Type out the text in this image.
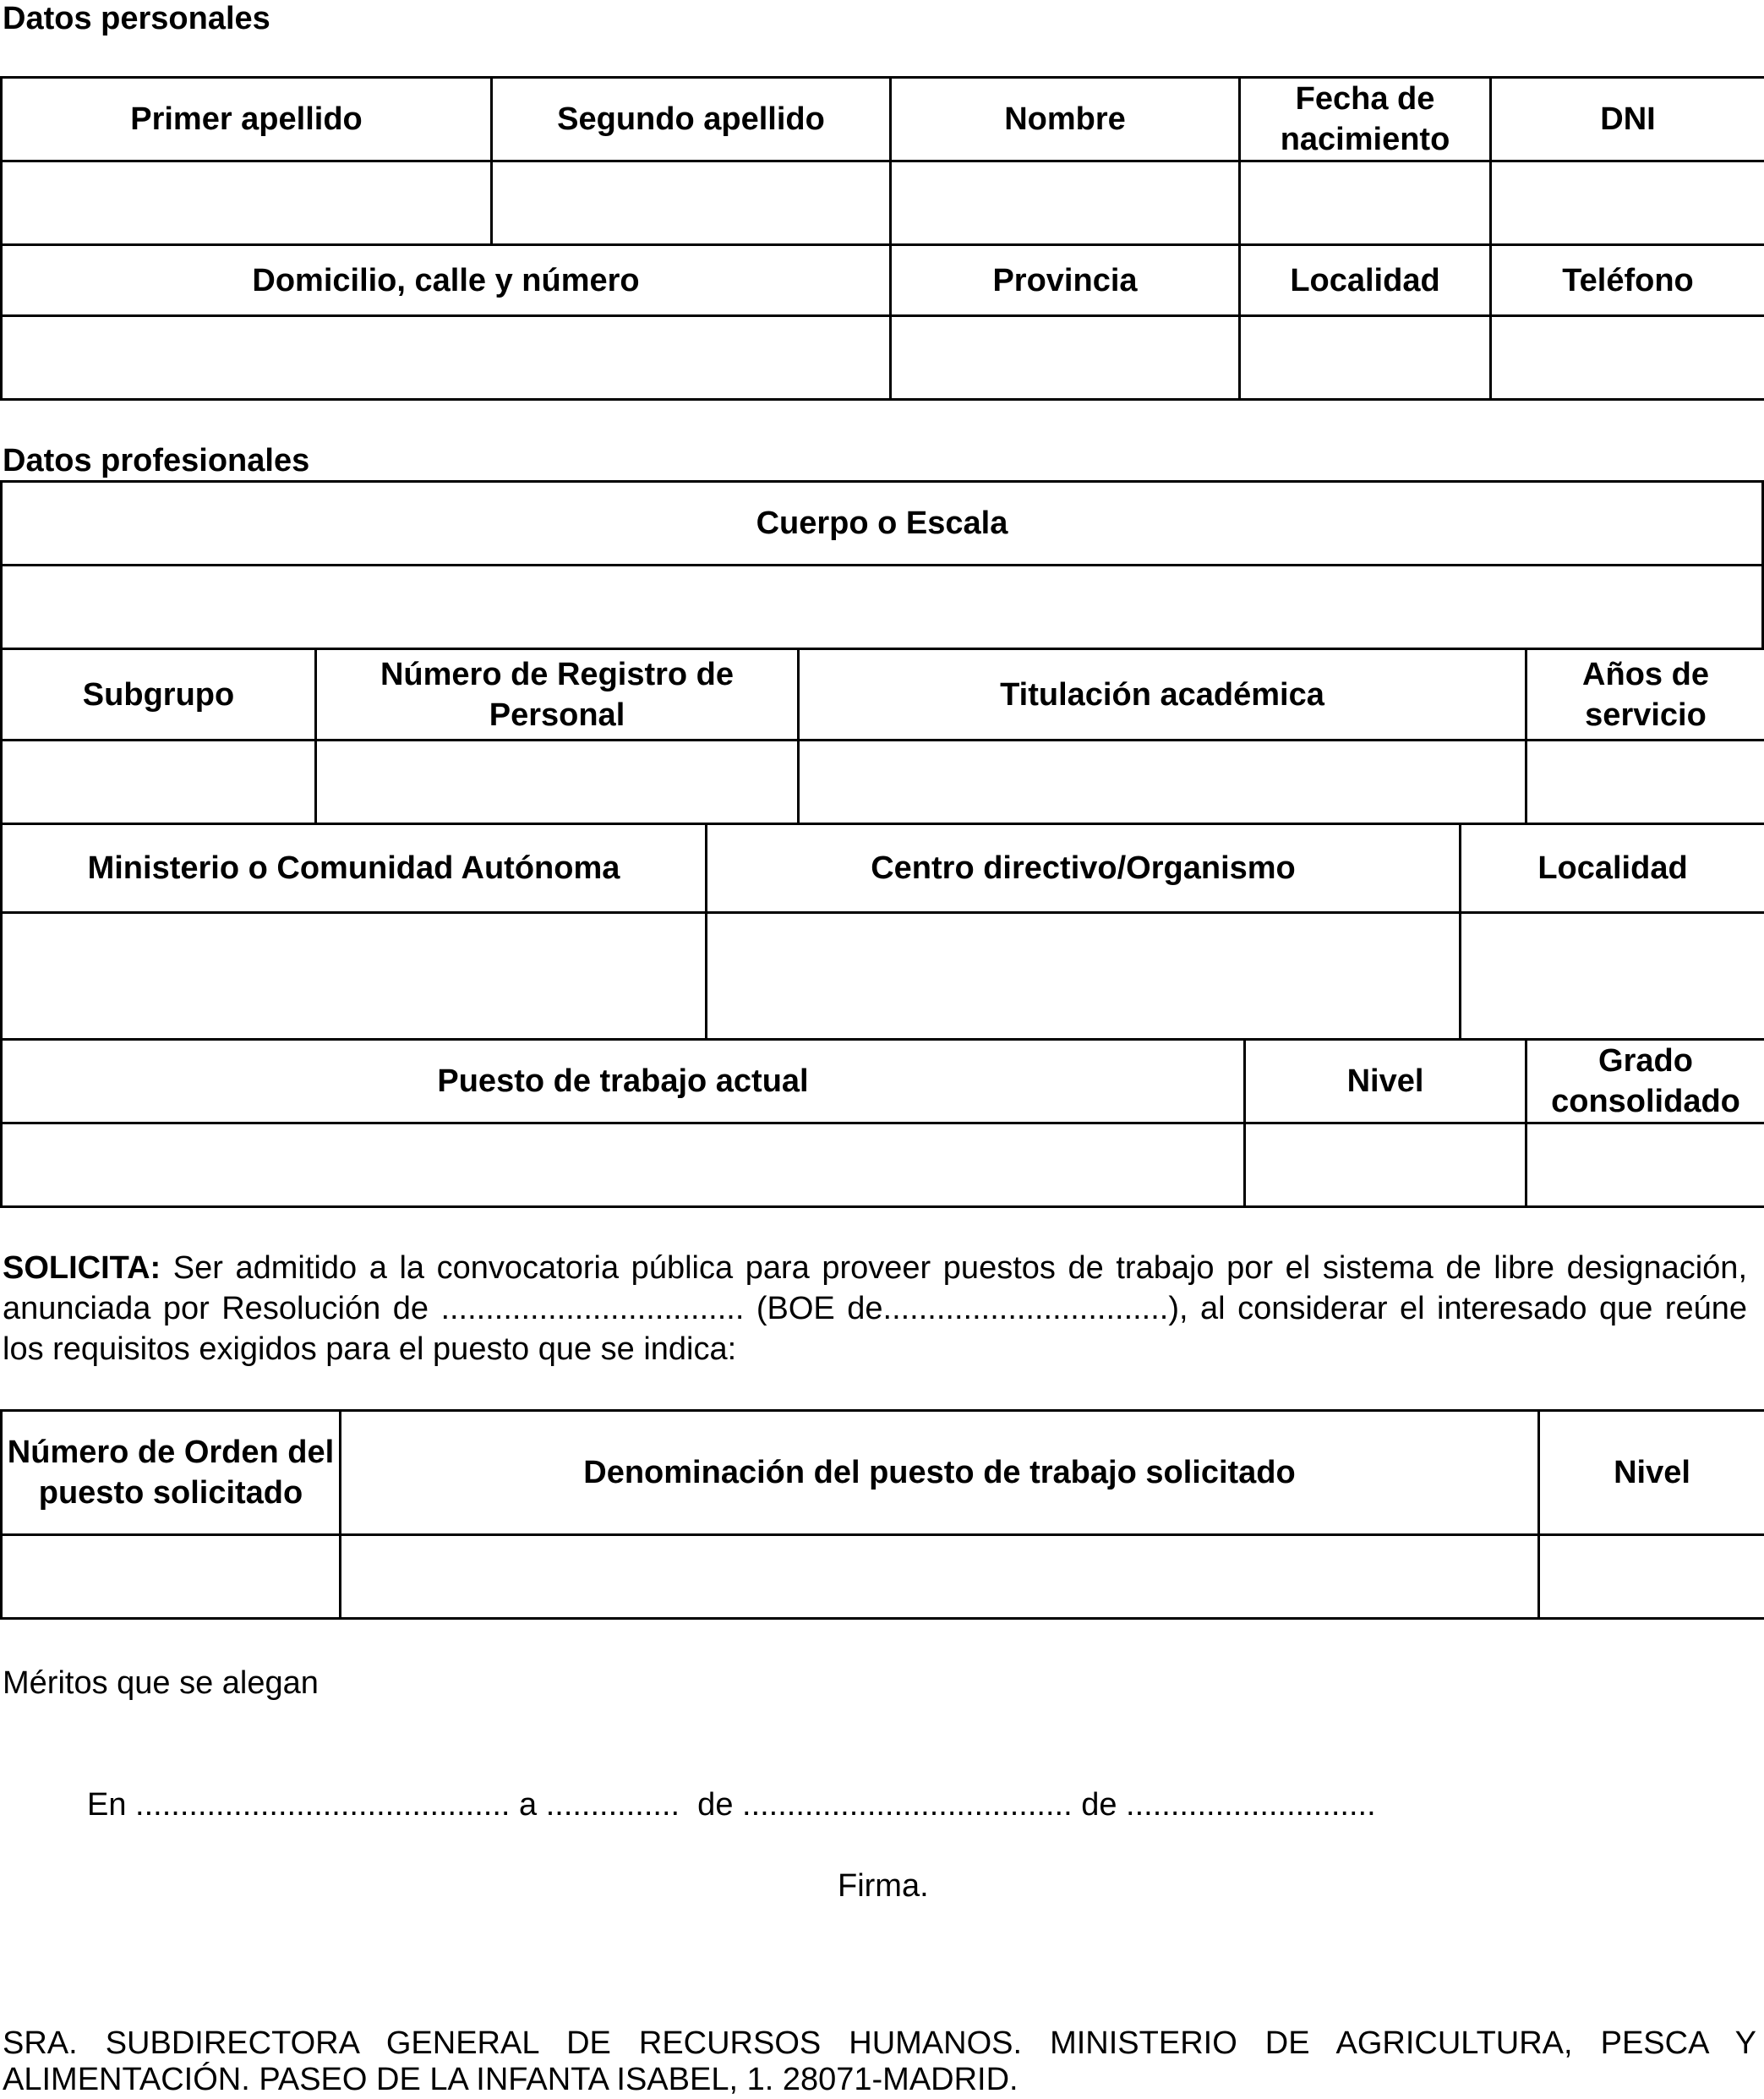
Datos personales
Primer apellido	Segundo apellido	Nombre	Fecha de nacimiento	DNI

Domicilio, calle y número	Provincia	Localidad	Teléfono

Datos profesionales
Cuerpo o Escala

Subgrupo	Número de Registro de Personal	Titulación académica	Años de servicio

Ministerio o Comunidad Autónoma	Centro directivo/Organismo	Localidad

Puesto de trabajo actual	Nivel	Grado consolidado

SOLICITA: Ser admitido a la convocatoria pública para proveer puestos de trabajo por el sistema de libre designación, anunciada por Resolución de .................................. (BOE de................................), al considerar el interesado que reúne los requisitos exigidos para el puesto que se indica:
Número de Orden del puesto solicitado	Denominación del puesto de trabajo solicitado	Nivel

Méritos que se alegan
En .......................................... a ...............  de ..................................... de ............................
Firma.
SRA. SUBDIRECTORA GENERAL DE RECURSOS HUMANOS. MINISTERIO DE AGRICULTURA, PESCA Y
ALIMENTACIÓN. PASEO DE LA INFANTA ISABEL, 1. 28071-MADRID.
